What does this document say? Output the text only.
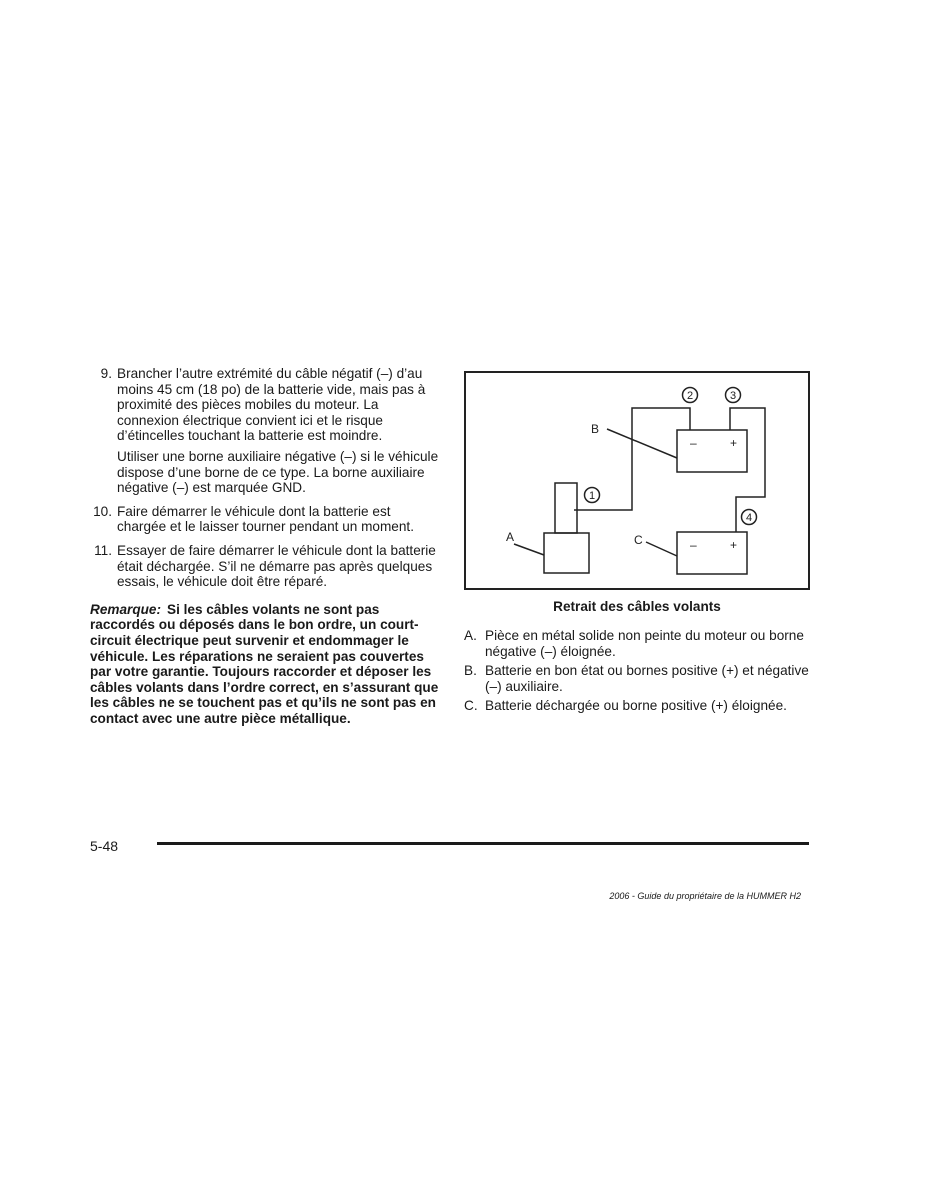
9. Brancher l’autre extrémité du câble négatif (–) d’au moins 45 cm (18 po) de la batterie vide, mais pas à proximité des pièces mobiles du moteur. La connexion électrique convient ici et le risque d’étincelles touchant la batterie est moindre.

Utiliser une borne auxiliaire négative (–) si le véhicule dispose d’une borne de ce type. La borne auxiliaire négative (–) est marquée GND.

10. Faire démarrer le véhicule dont la batterie est chargée et le laisser tourner pendant un moment.

11. Essayer de faire démarrer le véhicule dont la batterie était déchargée. S’il ne démarre pas après quelques essais, le véhicule doit être réparé.

Remarque: Si les câbles volants ne sont pas raccordés ou déposés dans le bon ordre, un court-circuit électrique peut survenir et endommager le véhicule. Les réparations ne seraient pas couvertes par votre garantie. Toujours raccorder et déposer les câbles volants dans l’ordre correct, en s’assurant que les câbles ne se touchent pas et qu’ils ne sont pas en contact avec une autre pièce métallique.
–	+
–	+
B
A	C
2	3
1
4
Retrait des câbles volants
A. Pièce en métal solide non peinte du moteur ou borne négative (–) éloignée.
B. Batterie en bon état ou bornes positive (+) et négative (–) auxiliaire.
C. Batterie déchargée ou borne positive (+) éloignée.
5-48
2006 - Guide du propriétaire de la HUMMER H2
